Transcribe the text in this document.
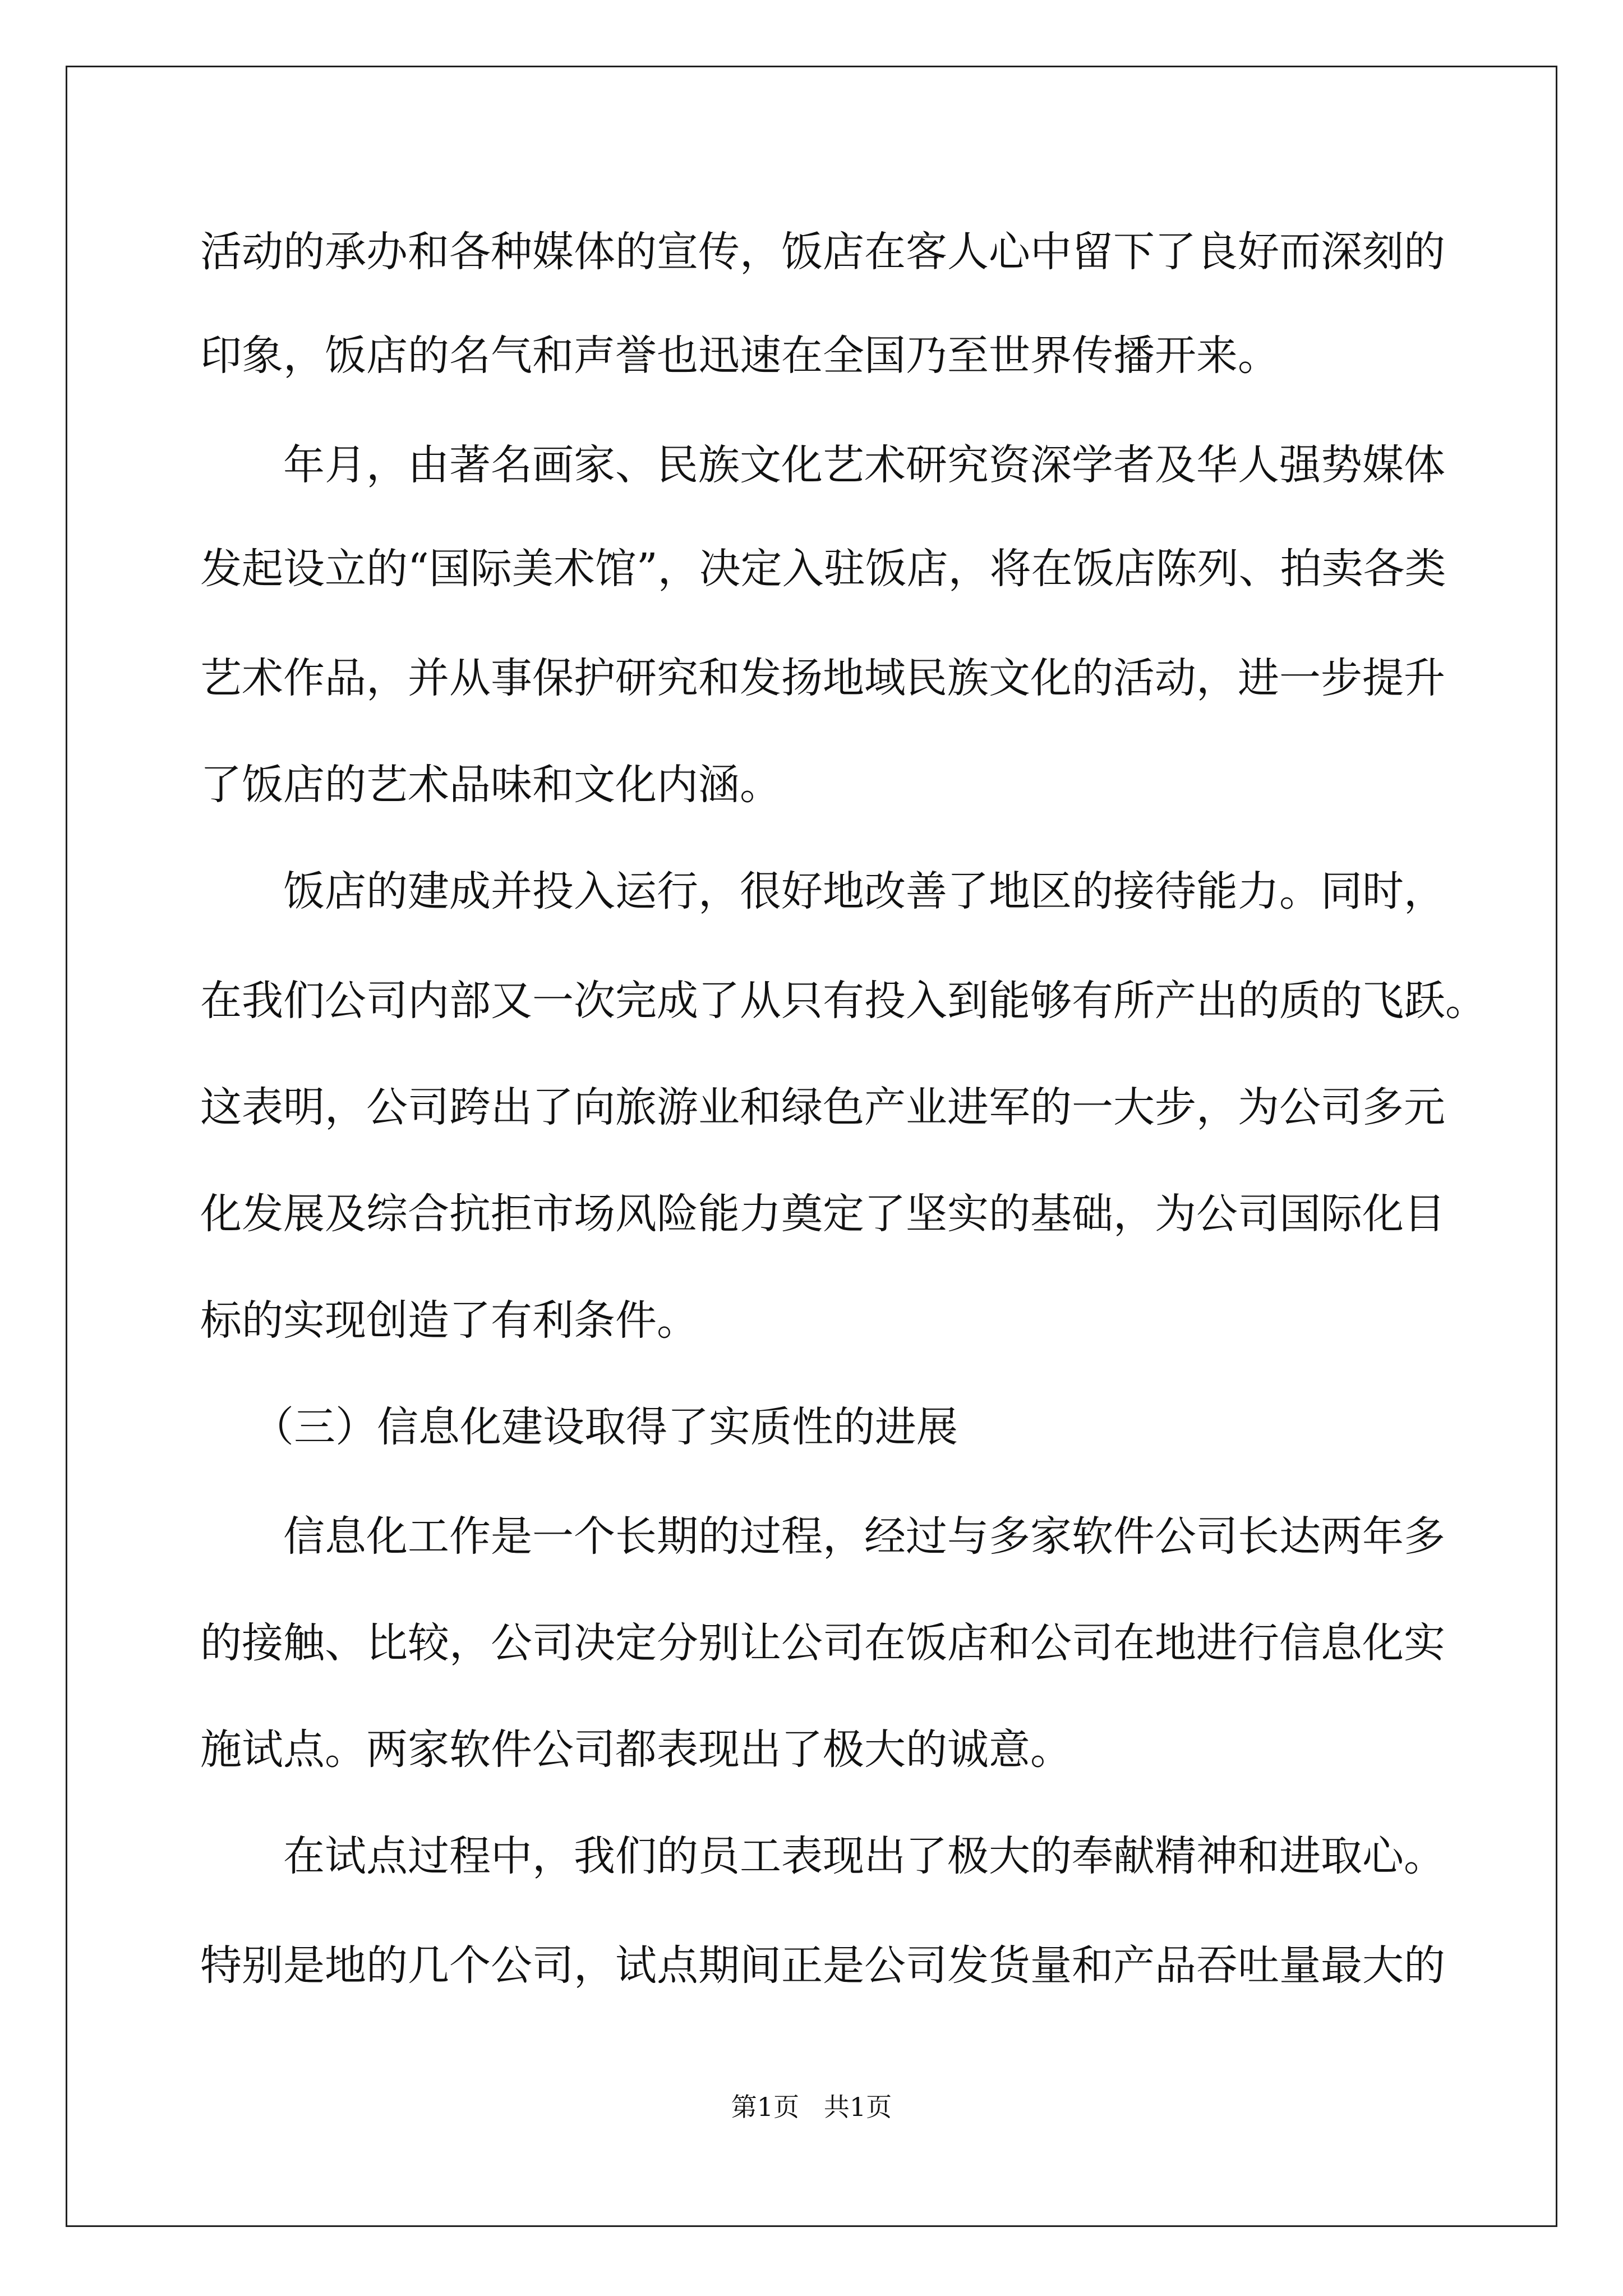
活动的承办和各种媒体的宣传，饭店在客人心中留下了良好而深刻的

印象，饭店的名气和声誉也迅速在全国乃至世界传播开来。

年月，由著名画家、民族文化艺术研究资深学者及华人强势媒体

发起设立的“国际美术馆”，决定入驻饭店，将在饭店陈列、拍卖各类

艺术作品，并从事保护研究和发扬地域民族文化的活动，进一步提升

了饭店的艺术品味和文化内涵。

饭店的建成并投入运行，很好地改善了地区的接待能力。同时，

在我们公司内部又一次完成了从只有投入到能够有所产出的质的飞跃。

这表明，公司跨出了向旅游业和绿色产业进军的一大步，为公司多元

化发展及综合抗拒市场风险能力奠定了坚实的基础，为公司国际化目

标的实现创造了有利条件。

（三）信息化建设取得了实质性的进展

信息化工作是一个长期的过程，经过与多家软件公司长达两年多

的接触、比较，公司决定分别让公司在饭店和公司在地进行信息化实

施试点。两家软件公司都表现出了极大的诚意。

在试点过程中，我们的员工表现出了极大的奉献精神和进取心。

特别是地的几个公司，试点期间正是公司发货量和产品吞吐量最大的

第1页   共1页
